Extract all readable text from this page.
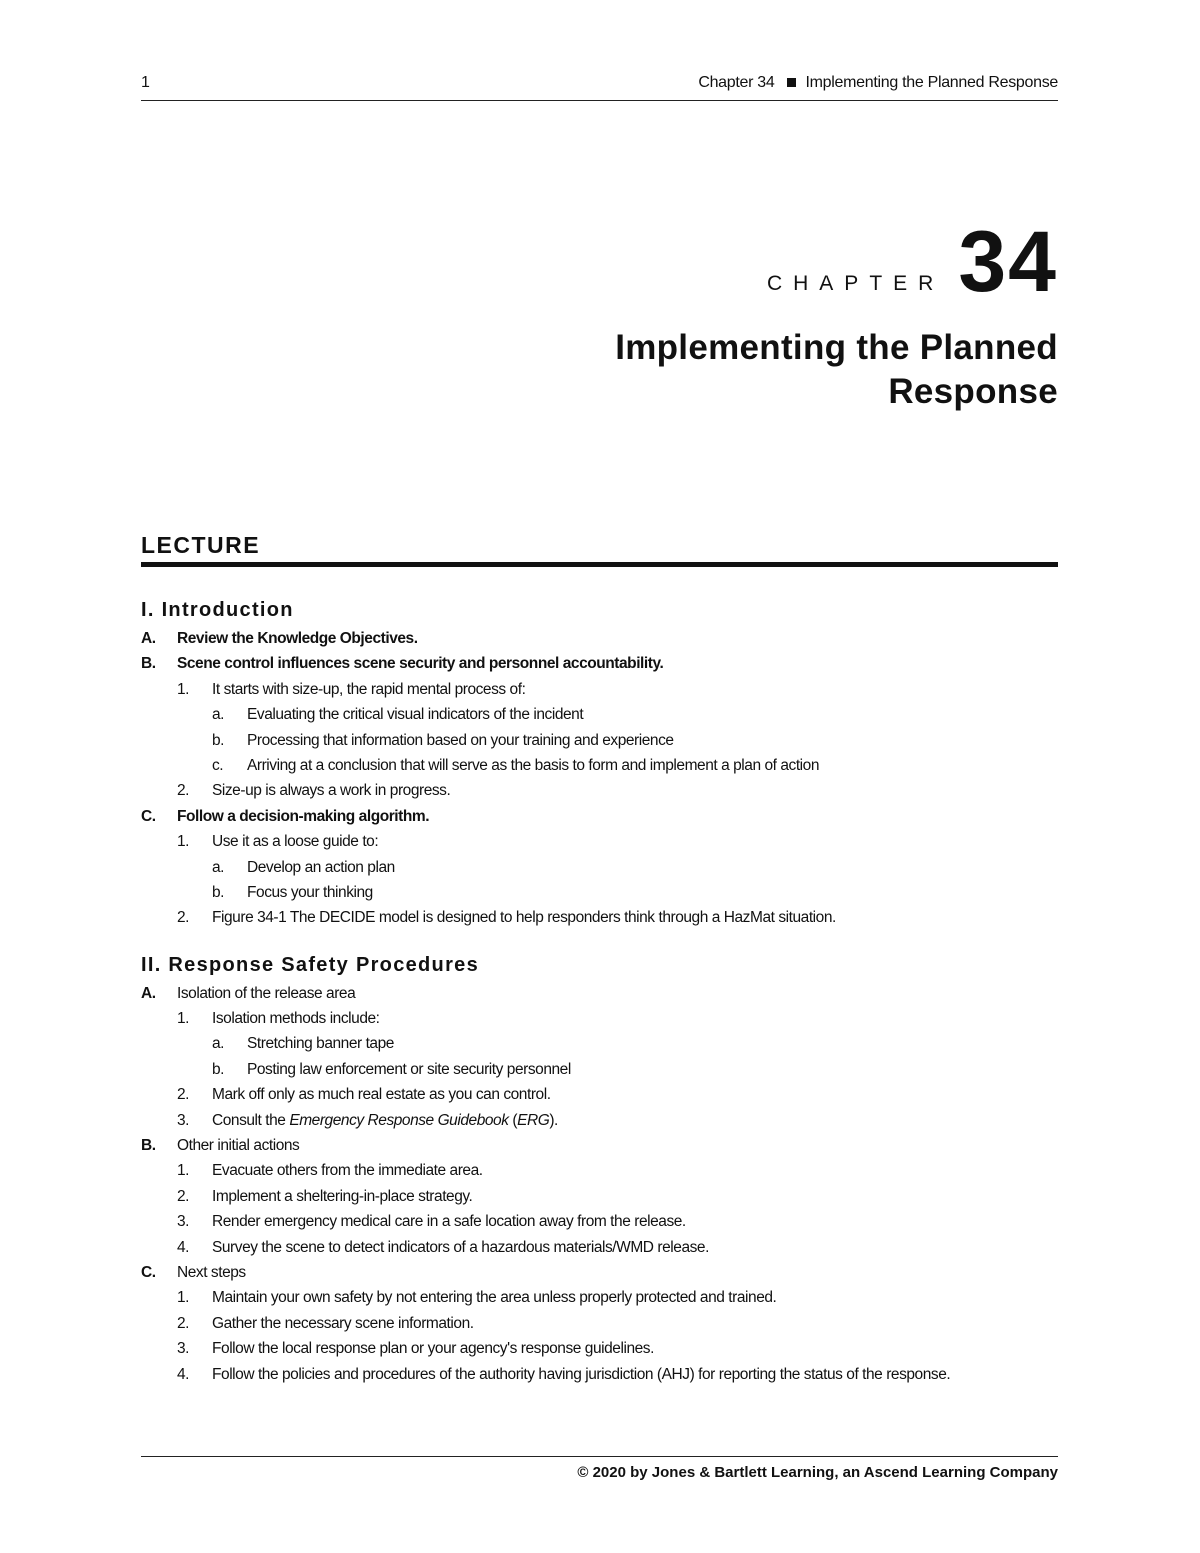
1	Chapter 34 Implementing the Planned Response
CHAPTER 34
Implementing the Planned
Response
LECTURE
I. Introduction
A. Review the Knowledge Objectives.
B. Scene control influences scene security and personnel accountability.
1. It starts with size-up, the rapid mental process of:
a. Evaluating the critical visual indicators of the incident
b. Processing that information based on your training and experience
c. Arriving at a conclusion that will serve as the basis to form and implement a plan of action
2. Size-up is always a work in progress.
C. Follow a decision-making algorithm.
1. Use it as a loose guide to:
a. Develop an action plan
b. Focus your thinking
2. Figure 34-1 The DECIDE model is designed to help responders think through a HazMat situation.
II. Response Safety Procedures
A. Isolation of the release area
1. Isolation methods include:
a. Stretching banner tape
b. Posting law enforcement or site security personnel
2. Mark off only as much real estate as you can control.
3. Consult the Emergency Response Guidebook (ERG).
B. Other initial actions
1. Evacuate others from the immediate area.
2. Implement a sheltering-in-place strategy.
3. Render emergency medical care in a safe location away from the release.
4. Survey the scene to detect indicators of a hazardous materials/WMD release.
C. Next steps
1. Maintain your own safety by not entering the area unless properly protected and trained.
2. Gather the necessary scene information.
3. Follow the local response plan or your agency's response guidelines.
4. Follow the policies and procedures of the authority having jurisdiction (AHJ) for reporting the status of the response.
© 2020 by Jones & Bartlett Learning, an Ascend Learning Company
